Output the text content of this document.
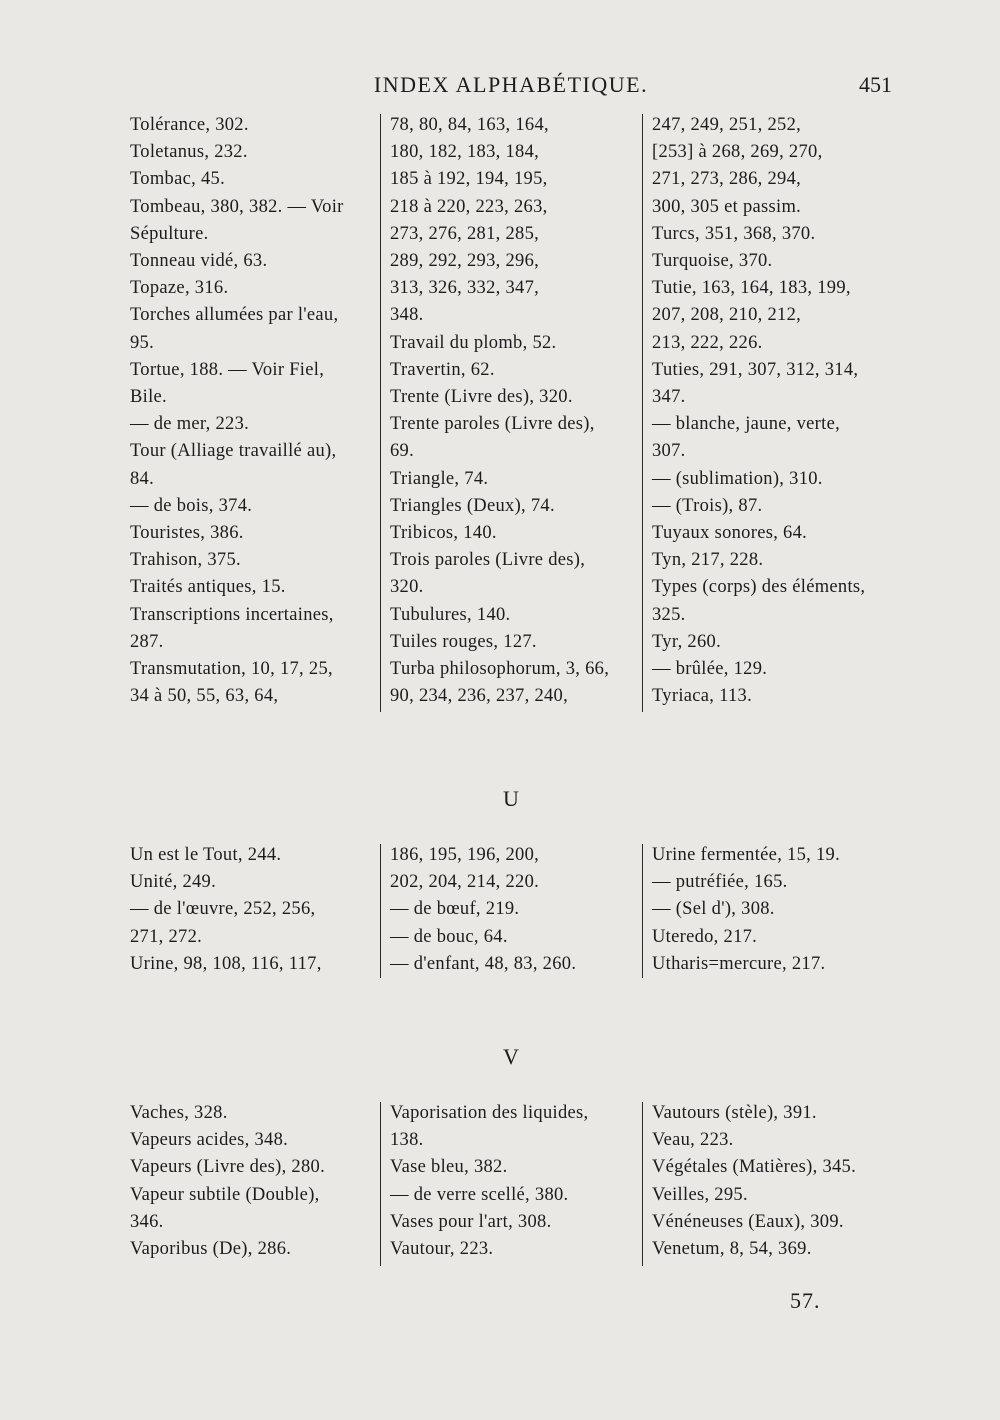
INDEX ALPHABÉTIQUE.	451
Tolérance, 302.
Toletanus, 232.
Tombac, 45.
Tombeau, 380, 382. — Voir
Sépulture.
Tonneau vidé, 63.
Topaze, 316.
Torches allumées par l'eau,
95.
Tortue, 188. — Voir Fiel,
Bile.
— de mer, 223.
Tour (Alliage travaillé au),
84.
— de bois, 374.
Touristes, 386.
Trahison, 375.
Traités antiques, 15.
Transcriptions incertaines,
287.
Transmutation, 10, 17, 25,
34 à 50, 55, 63, 64,
78, 80, 84, 163, 164,
180, 182, 183, 184,
185 à 192, 194, 195,
218 à 220, 223, 263,
273, 276, 281, 285,
289, 292, 293, 296,
313, 326, 332, 347,
348.
Travail du plomb, 52.
Travertin, 62.
Trente (Livre des), 320.
Trente paroles (Livre des),
69.
Triangle, 74.
Triangles (Deux), 74.
Tribicos, 140.
Trois paroles (Livre des),
320.
Tubulures, 140.
Tuiles rouges, 127.
Turba philosophorum, 3, 66,
90, 234, 236, 237, 240,
247, 249, 251, 252,
[253] à 268, 269, 270,
271, 273, 286, 294,
300, 305 et passim.
Turcs, 351, 368, 370.
Turquoise, 370.
Tutie, 163, 164, 183, 199,
207, 208, 210, 212,
213, 222, 226.
Tuties, 291, 307, 312, 314,
347.
— blanche, jaune, verte,
307.
— (sublimation), 310.
— (Trois), 87.
Tuyaux sonores, 64.
Tyn, 217, 228.
Types (corps) des éléments,
325.
Tyr, 260.
— brûlée, 129.
Tyriaca, 113.
U
Un est le Tout, 244.
Unité, 249.
— de l'œuvre, 252, 256,
271, 272.
Urine, 98, 108, 116, 117,
186, 195, 196, 200,
202, 204, 214, 220.
— de bœuf, 219.
— de bouc, 64.
— d'enfant, 48, 83, 260.
Urine fermentée, 15, 19.
— putréfiée, 165.
— (Sel d'), 308.
Uteredo, 217.
Utharis=mercure, 217.
V
Vaches, 328.
Vapeurs acides, 348.
Vapeurs (Livre des), 280.
Vapeur subtile (Double),
346.
Vaporibus (De), 286.
Vaporisation des liquides,
138.
Vase bleu, 382.
— de verre scellé, 380.
Vases pour l'art, 308.
Vautour, 223.
Vautours (stèle), 391.
Veau, 223.
Végétales (Matières), 345.
Veilles, 295.
Vénéneuses (Eaux), 309.
Venetum, 8, 54, 369.
57.
